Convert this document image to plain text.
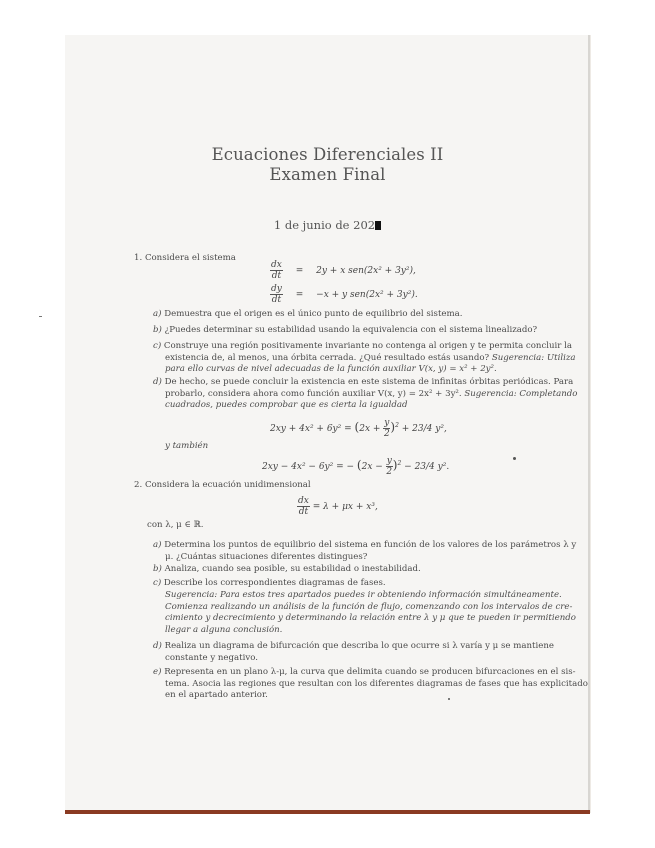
Ecuaciones Diferenciales II
Examen Final
1 de junio de 202
1. Considera el sistema
$\frac{dx}{dt} = 2y + x$ sen(2x² + 3y²),
$\frac{dy}{dt} = -x + y$ sen(2x² + 3y²).
a) Demuestra que el origen es el único punto de equilibrio del sistema.
b) ¿Puedes determinar su estabilidad usando la equivalencia con el sistema linealizado?
c) Construye una región positivamente invariante no contenga al origen y te permita concluir la
existencia de, al menos, una órbita cerrada. ¿Qué resultado estás usando? Sugerencia: Utiliza
para ello curvas de nivel adecuadas de la función auxiliar V(x, y) = x² + 2y².
d) De hecho, se puede concluir la existencia en este sistema de infinitas órbitas periódicas. Para
probarlo, considera ahora como función auxiliar V(x, y) = 2x² + 3y². Sugerencia: Completando
cuadrados, puedes comprobar que es cierta la igualdad
$2xy + 4x^2 + 6y^2 = (2x + \frac{y}{2} )^2 + 23/4$ y²,
y también
2xy − 4x² − 6y² = − $(2x - \frac{y}{2} )^2 - 23/4$ y².
2. Considera la ecuación unidimensional
$\frac{dx}{dt} = \lambda + \mu x + x^3$,
con λ, μ ∈ ℝ.
a) Determina los puntos de equilibrio del sistema en función de los valores de los parámetros λ y
μ. ¿Cuántas situaciones diferentes distingues?
b) Analiza, cuando sea posible, su estabilidad o inestabilidad.
c) Describe los correspondientes diagramas de fases.
Sugerencia: Para estos tres apartados puedes ir obteniendo información simultáneamente.
Comienza realizando un análisis de la función de flujo, comenzando con los intervalos de cre-
cimiento y decrecimiento y determinando la relación entre λ y μ que te pueden ir permitiendo
llegar a alguna conclusión.
d) Realiza un diagrama de bifurcación que describa lo que ocurre si λ varía y μ se mantiene
constante y negativo.
e) Representa en un plano λ-μ, la curva que delimita cuando se producen bifurcaciones en el sis-
tema. Asocia las regiones que resultan con los diferentes diagramas de fases que has explicitado
en el apartado anterior.
